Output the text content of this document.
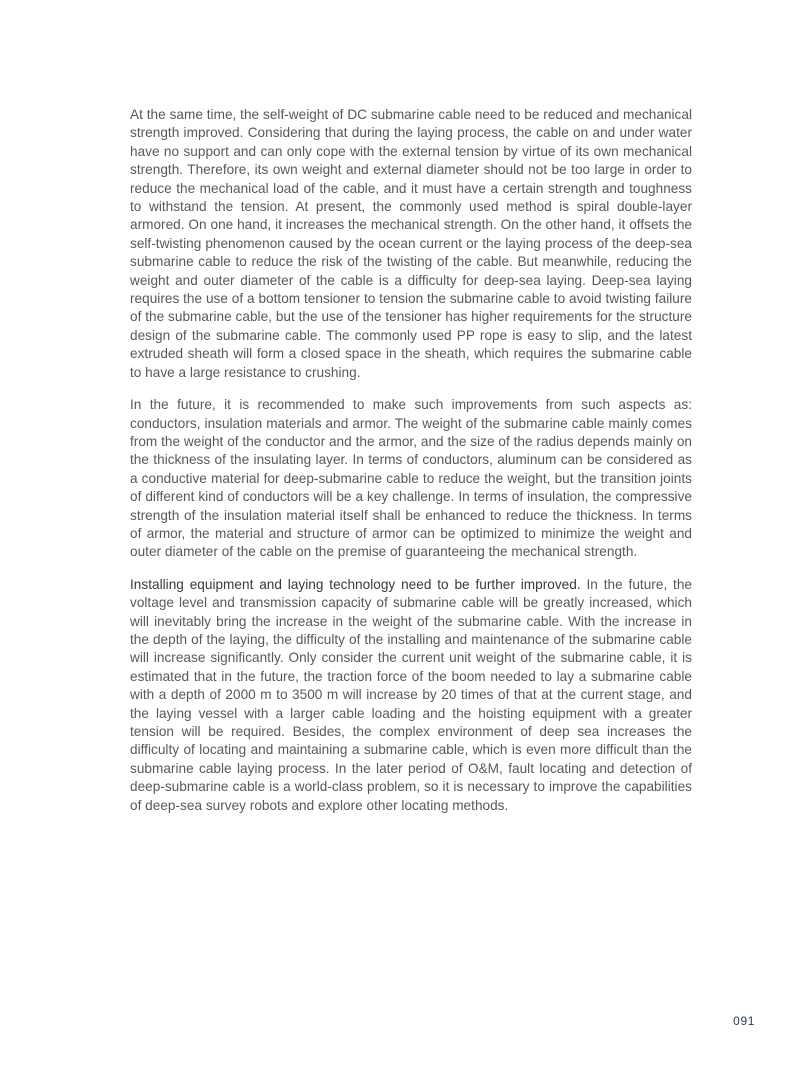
At the same time, the self-weight of DC submarine cable need to be reduced and mechanical strength improved. Considering that during the laying process, the cable on and under water have no support and can only cope with the external tension by virtue of its own mechanical strength. Therefore, its own weight and external diameter should not be too large in order to reduce the mechanical load of the cable, and it must have a certain strength and toughness to withstand the tension. At present, the commonly used method is spiral double-layer armored. On one hand, it increases the mechanical strength. On the other hand, it offsets the self-twisting phenomenon caused by the ocean current or the laying process of the deep-sea submarine cable to reduce the risk of the twisting of the cable. But meanwhile, reducing the weight and outer diameter of the cable is a difficulty for deep-sea laying. Deep-sea laying requires the use of a bottom tensioner to tension the submarine cable to avoid twisting failure of the submarine cable, but the use of the tensioner has higher requirements for the structure design of the submarine cable. The commonly used PP rope is easy to slip, and the latest extruded sheath will form a closed space in the sheath, which requires the submarine cable to have a large resistance to crushing.

In the future, it is recommended to make such improvements from such aspects as: conductors, insulation materials and armor. The weight of the submarine cable mainly comes from the weight of the conductor and the armor, and the size of the radius depends mainly on the thickness of the insulating layer. In terms of conductors, aluminum can be considered as a conductive material for deep-submarine cable to reduce the weight, but the transition joints of different kind of conductors will be a key challenge. In terms of insulation, the compressive strength of the insulation material itself shall be enhanced to reduce the thickness. In terms of armor, the material and structure of armor can be optimized to minimize the weight and outer diameter of the cable on the premise of guaranteeing the mechanical strength.

Installing equipment and laying technology need to be further improved. In the future, the voltage level and transmission capacity of submarine cable will be greatly increased, which will inevitably bring the increase in the weight of the submarine cable. With the increase in the depth of the laying, the difficulty of the installing and maintenance of the submarine cable will increase significantly. Only consider the current unit weight of the submarine cable, it is estimated that in the future, the traction force of the boom needed to lay a submarine cable with a depth of 2000 m to 3500 m will increase by 20 times of that at the current stage, and the laying vessel with a larger cable loading and the hoisting equipment with a greater tension will be required. Besides, the complex environment of deep sea increases the difficulty of locating and maintaining a submarine cable, which is even more difficult than the submarine cable laying process. In the later period of O&M, fault locating and detection of deep-submarine cable is a world-class problem, so it is necessary to improve the capabilities of deep-sea survey robots and explore other locating methods.

091
